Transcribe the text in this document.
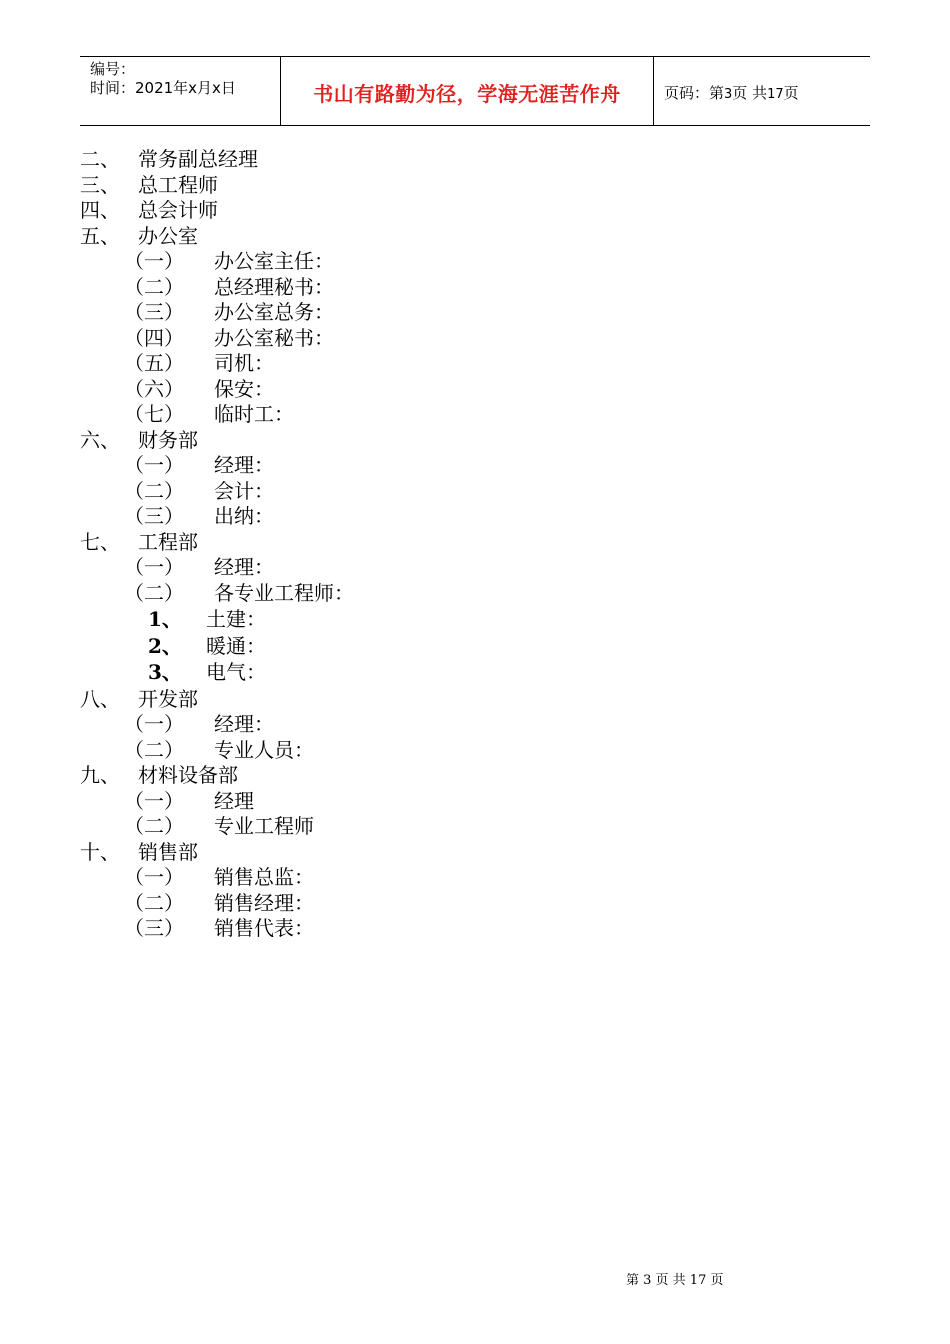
编号：
时间：2021年x月x日	书山有路勤为径，学海无涯苦作舟	页码：第3页 共17页
二、 常务副总经理
三、 总工程师
四、 总会计师
五、 办公室
（一） 办公室主任：
（二） 总经理秘书：
（三） 办公室总务：
（四） 办公室秘书：
（五） 司机：
（六） 保安：
（七） 临时工：
六、 财务部
（一） 经理：
（二） 会计：
（三） 出纳：
七、 工程部
（一） 经理：
（二） 各专业工程师：
1、 土建：
2、 暖通：
3、 电气：
八、 开发部
（一） 经理：
（二） 专业人员：
九、 材料设备部
（一） 经理
（二） 专业工程师
十、 销售部
（一） 销售总监：
（二） 销售经理：
（三） 销售代表：
第 3 页 共 17 页
